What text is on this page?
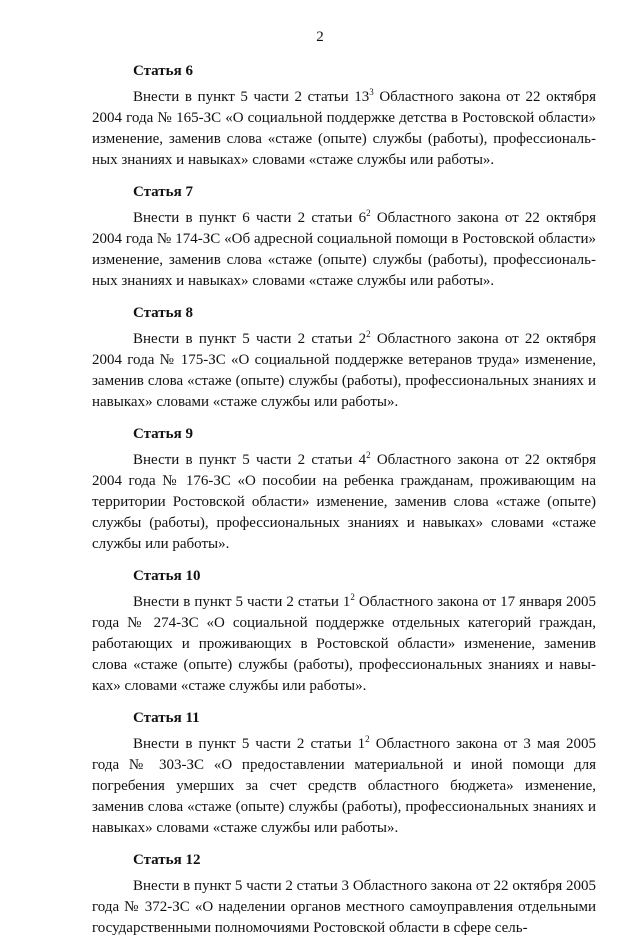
2
Статья 6

Внести в пункт 5 части 2 статьи $13^3$ Областного закона от 22 октября 2004 года № 165-ЗС «О социальной поддержке детства в Ростовской области» изменение, заменив слова «стаже (опыте) службы (работы), профессиональных знаниях и навыках» словами «стаже службы или работы».

Статья 7

Внести в пункт 6 части 2 статьи $6^2$ Областного закона от 22 октября 2004 года № 174-ЗС «Об адресной социальной помощи в Ростовской области» изменение, заменив слова «стаже (опыте) службы (работы), профессиональных знаниях и навыках» словами «стаже службы или работы».

Статья 8

Внести в пункт 5 части 2 статьи $2^2$ Областного закона от 22 октября 2004 года № 175-ЗС «О социальной поддержке ветеранов труда» изменение, заменив слова «стаже (опыте) службы (работы), профессиональных знаниях и навыках» словами «стаже службы или работы».

Статья 9

Внести в пункт 5 части 2 статьи $4^2$ Областного закона от 22 октября 2004 года № 176-ЗС «О пособии на ребенка гражданам, проживающим на территории Ростовской области» изменение, заменив слова «стаже (опыте) службы (работы), профессиональных знаниях и навыках» словами «стаже службы или работы».

Статья 10

Внести в пункт 5 части 2 статьи $1^2$ Областного закона от 17 января 2005 года № 274-ЗС «О социальной поддержке отдельных категорий граждан, работающих и проживающих в Ростовской области» изменение, заменив слова «стаже (опыте) службы (работы), профессиональных знаниях и навыках» словами «стаже службы или работы».

Статья 11

Внести в пункт 5 части 2 статьи $1^2$ Областного закона от 3 мая 2005 года № 303-ЗС «О предоставлении материальной и иной помощи для погребения умерших за счет средств областного бюджета» изменение, заменив слова «стаже (опыте) службы (работы), профессиональных знаниях и навыках» словами «стаже службы или работы».

Статья 12

Внести в пункт 5 части 2 статьи 3 Областного закона от 22 октября 2005 года № 372-ЗС «О наделении органов местного самоуправления отдельными государственными полномочиями Ростовской области в сфере сель-
